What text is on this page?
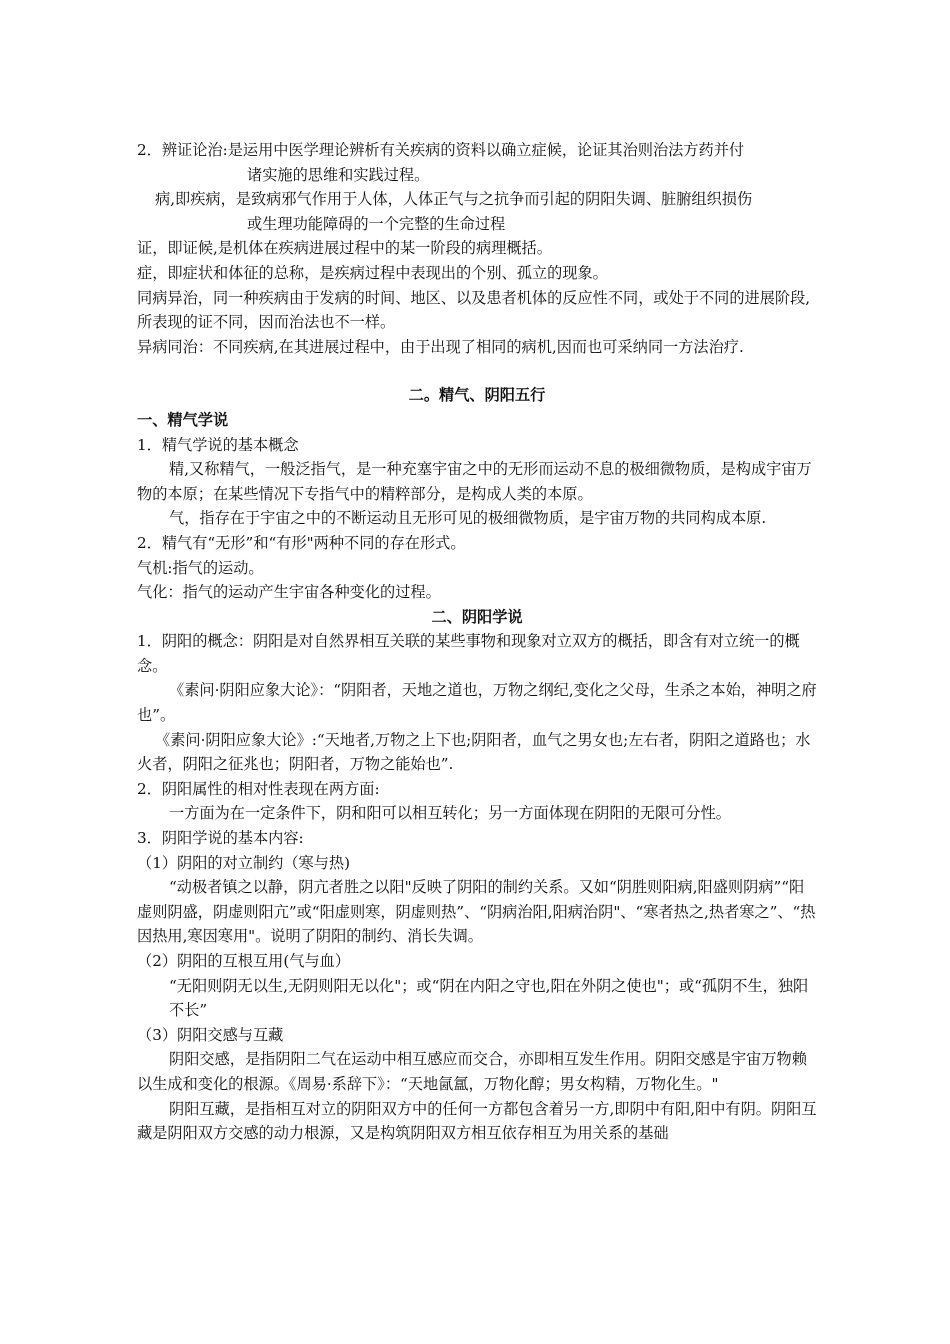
2．辨证论治:是运用中医学理论辨析有关疾病的资料以确立症候，论证其治则治法方药并付

诸实施的思维和实践过程。

病,即疾病，是致病邪气作用于人体，人体正气与之抗争而引起的阴阳失调、脏腑组织损伤

或生理功能障碍的一个完整的生命过程

证，即证候,是机体在疾病进展过程中的某一阶段的病理概括。

症，即症状和体征的总称，是疾病过程中表现出的个别、孤立的现象。

同病异治，同一种疾病由于发病的时间、地区、以及患者机体的反应性不同，或处于不同的进展阶段,所表现的证不同，因而治法也不一样。

异病同治：不同疾病,在其进展过程中，由于出现了相同的病机,因而也可采纳同一方法治疗.

二。精气、阴阳五行

一、精气学说

1．精气学说的基本概念

精,又称精气，一般泛指气，是一种充塞宇宙之中的无形而运动不息的极细微物质，是构成宇宙万物的本原；在某些情况下专指气中的精粹部分，是构成人类的本原。

气，指存在于宇宙之中的不断运动且无形可见的极细微物质，是宇宙万物的共同构成本原.

2．精气有“无形”和“有形"两种不同的存在形式。

气机:指气的运动。

气化：指气的运动产生宇宙各种变化的过程。

二、阴阳学说

1．阴阳的概念：阴阳是对自然界相互关联的某些事物和现象对立双方的概括，即含有对立统一的概念。

《素问·阴阳应象大论》：“阴阳者，天地之道也，万物之纲纪,变化之父母，生杀之本始，神明之府也”。

《素问·阴阳应象大论》:“天地者,万物之上下也;阴阳者，血气之男女也;左右者，阴阳之道路也；水火者，阴阳之征兆也；阴阳者，万物之能始也”.

2．阴阳属性的相对性表现在两方面:

一方面为在一定条件下，阴和阳可以相互转化；另一方面体现在阴阳的无限可分性。

3．阴阳学说的基本内容:

（1）阴阳的对立制约（寒与热)

“动极者镇之以静，阴亢者胜之以阳"反映了阴阳的制约关系。又如“阴胜则阳病,阳盛则阴病”“阳虚则阴盛，阴虚则阳亢”或“阳虚则寒，阴虚则热”、“阴病治阳,阳病治阴"、“寒者热之,热者寒之”、“热因热用,寒因寒用"。说明了阴阳的制约、消长失调。

（2）阴阳的互根互用(气与血）

“无阳则阴无以生,无阴则阳无以化"；或“阴在内阳之守也,阳在外阴之使也"；或“孤阴不生，独阳不长”

（3）阴阳交感与互藏

阴阳交感，是指阴阳二气在运动中相互感应而交合，亦即相互发生作用。阴阳交感是宇宙万物赖以生成和变化的根源。《周易·系辞下》：“天地氤氲，万物化醇；男女构精，万物化生。"

阴阳互藏，是指相互对立的阴阳双方中的任何一方都包含着另一方,即阴中有阳,阳中有阴。阴阳互藏是阴阳双方交感的动力根源，又是构筑阴阳双方相互依存相互为用关系的基础
